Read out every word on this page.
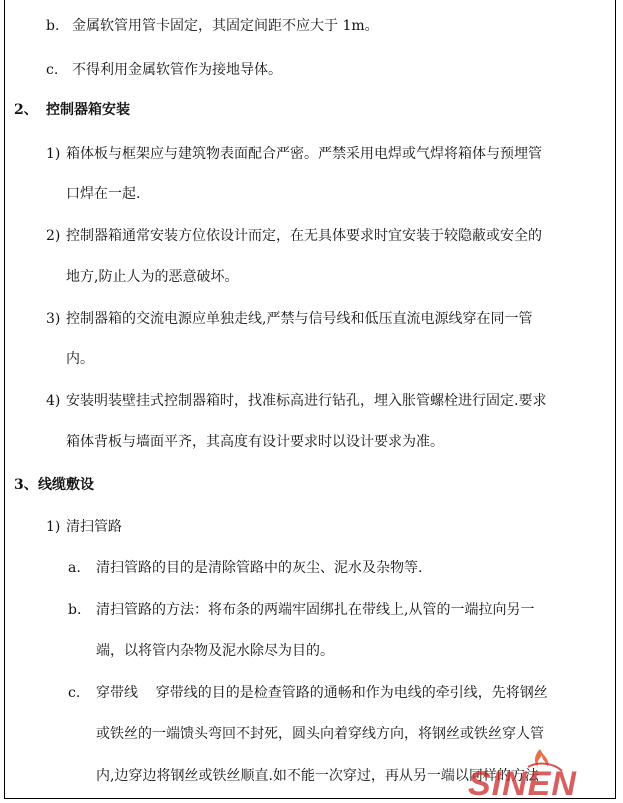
b. 金属软管用管卡固定，其固定间距不应大于 1m。
c. 不得利用金属软管作为接地导体。
2、 控制器箱安装
1) 箱体板与框架应与建筑物表面配合严密。严禁采用电焊或气焊将箱体与预埋管
口焊在一起.
2) 控制器箱通常安装方位依设计而定，在无具体要求时宜安装于较隐蔽或安全的
地方,防止人为的恶意破坏。
3) 控制器箱的交流电源应单独走线,严禁与信号线和低压直流电源线穿在同一管
内。
4) 安装明装壁挂式控制器箱时，找准标高进行钻孔，埋入胀管螺栓进行固定.要求
箱体背板与墙面平齐，其高度有设计要求时以设计要求为准。
3、线缆敷设
1) 清扫管路
a. 清扫管路的目的是清除管路中的灰尘、泥水及杂物等.
b. 清扫管路的方法：将布条的两端牢固绑扎在带线上,从管的一端拉向另一
端，以将管内杂物及泥水除尽为目的。
c. 穿带线    穿带线的目的是检查管路的通畅和作为电线的牵引线，先将钢丝
或铁丝的一端馈头弯回不封死，圆头向着穿线方向，将钢丝或铁丝穿人管
内,边穿边将钢丝或铁丝顺直.如不能一次穿过，再从另一端以同样的方法
SINEN
